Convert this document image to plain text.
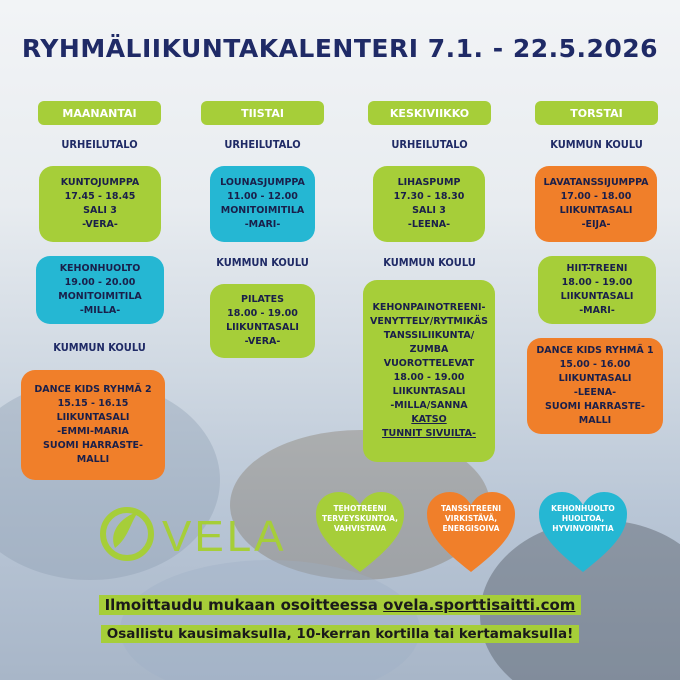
RYHMÄLIIKUNTAKALENTERI 7.1. - 22.5.2026
MAANANTAI	TIISTAI	KESKIVIIKKO	TORSTAI
URHEILUTALO	URHEILUTALO	URHEILUTALO	KUMMUN KOULU
KUMMUN KOULU
KUMMUN KOULU	KUMMUN KOULU
KUNTOJUMPPA
17.45 - 18.45
SALI 3
-VERA-
KEHONHUOLTO
19.00 - 20.00
MONITOIMITILA
-MILLA-
DANCE KIDS RYHMÄ 2
15.15 - 16.15
LIIKUNTASALI
-EMMI-MARIA
SUOMI HARRASTE-
MALLI
LOUNASJUMPPA
11.00 - 12.00
MONITOIMITILA
-MARI-
PILATES
18.00 - 19.00
LIIKUNTASALI
-VERA-
LIHASPUMP
17.30 - 18.30
SALI 3
-LEENA-
KEHONPAINOTREENI-
VENYTTELY/RYTMIKÄS
TANSSILIIKUNTA/
ZUMBA
VUOROTTELEVAT
18.00 - 19.00
LIIKUNTASALI
-MILLA/SANNA
KATSO
TUNNIT SIVUILTA-
LAVATANSSIJUMPPA
17.00 - 18.00
LIIKUNTASALI
-EIJA-
HIIT-TREENI
18.00 - 19.00
LIIKUNTASALI
-MARI-
DANCE KIDS RYHMÄ 1
15.00 - 16.00
LIIKUNTASALI
-LEENA-
SUOMI HARRASTE-
MALLI
VELA
TEHOTREENI
TERVEYSKUNTOA,
VAHVISTAVA
TANSSITREENI
VIRKISTÄVÄ,
ENERGISOIVA
KEHONHUOLTO
HUOLTOA,
HYVINVOINTIA
Ilmoittaudu mukaan osoitteessa ovela.sporttisaitti.com
Osallistu kausimaksulla, 10-kerran kortilla tai kertamaksulla!
